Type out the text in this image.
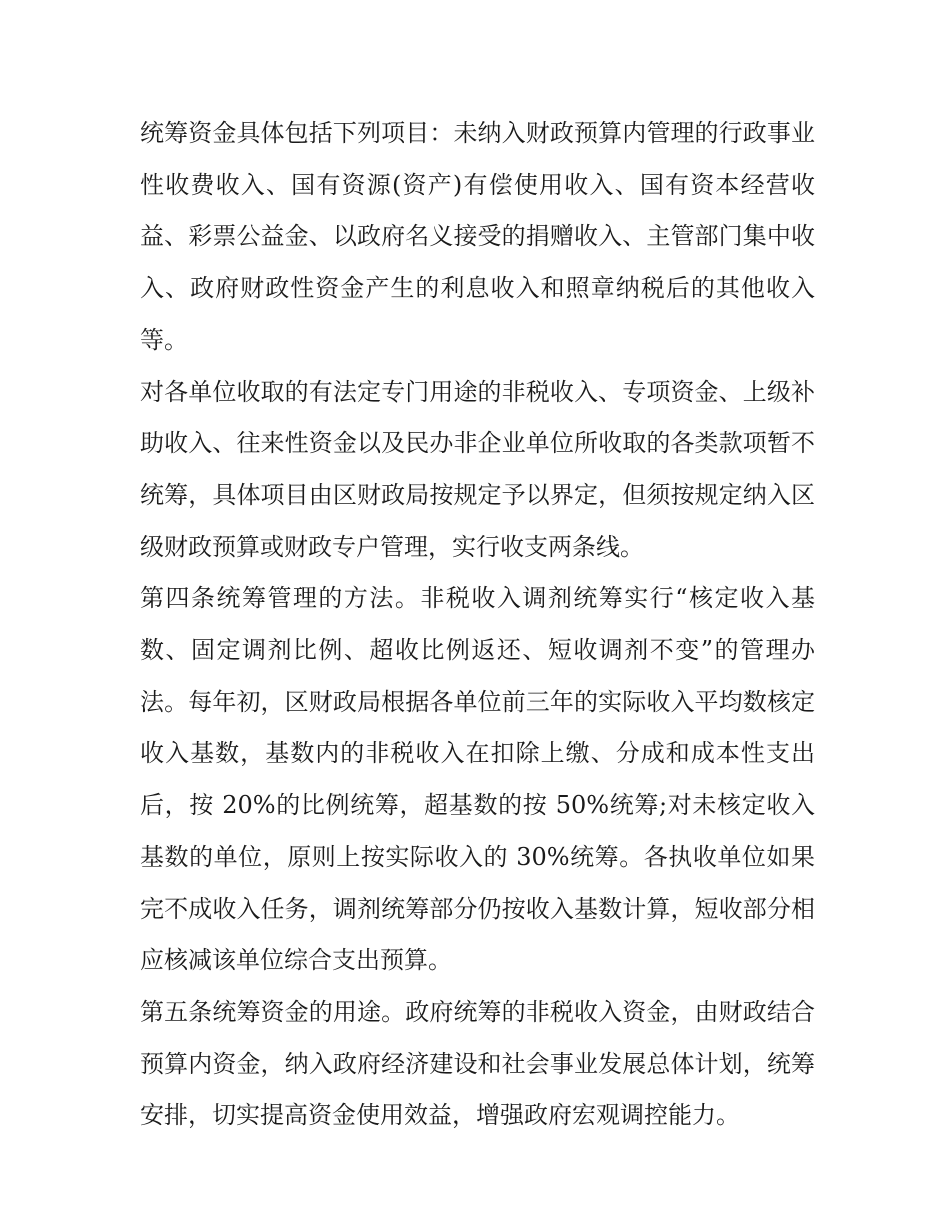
统筹资金具体包括下列项目：未纳入财政预算内管理的行政事业性收费收入、国有资源(资产)有偿使用收入、国有资本经营收益、彩票公益金、以政府名义接受的捐赠收入、主管部门集中收入、政府财政性资金产生的利息收入和照章纳税后的其他收入等。

对各单位收取的有法定专门用途的非税收入、专项资金、上级补助收入、往来性资金以及民办非企业单位所收取的各类款项暂不统筹，具体项目由区财政局按规定予以界定，但须按规定纳入区级财政预算或财政专户管理，实行收支两条线。

第四条统筹管理的方法。非税收入调剂统筹实行“核定收入基数、固定调剂比例、超收比例返还、短收调剂不变”的管理办法。每年初，区财政局根据各单位前三年的实际收入平均数核定收入基数，基数内的非税收入在扣除上缴、分成和成本性支出后，按 20%的比例统筹，超基数的按 50%统筹;对未核定收入基数的单位，原则上按实际收入的 30%统筹。各执收单位如果完不成收入任务，调剂统筹部分仍按收入基数计算，短收部分相应核减该单位综合支出预算。

第五条统筹资金的用途。政府统筹的非税收入资金，由财政结合预算内资金，纳入政府经济建设和社会事业发展总体计划，统筹安排，切实提高资金使用效益，增强政府宏观调控能力。
